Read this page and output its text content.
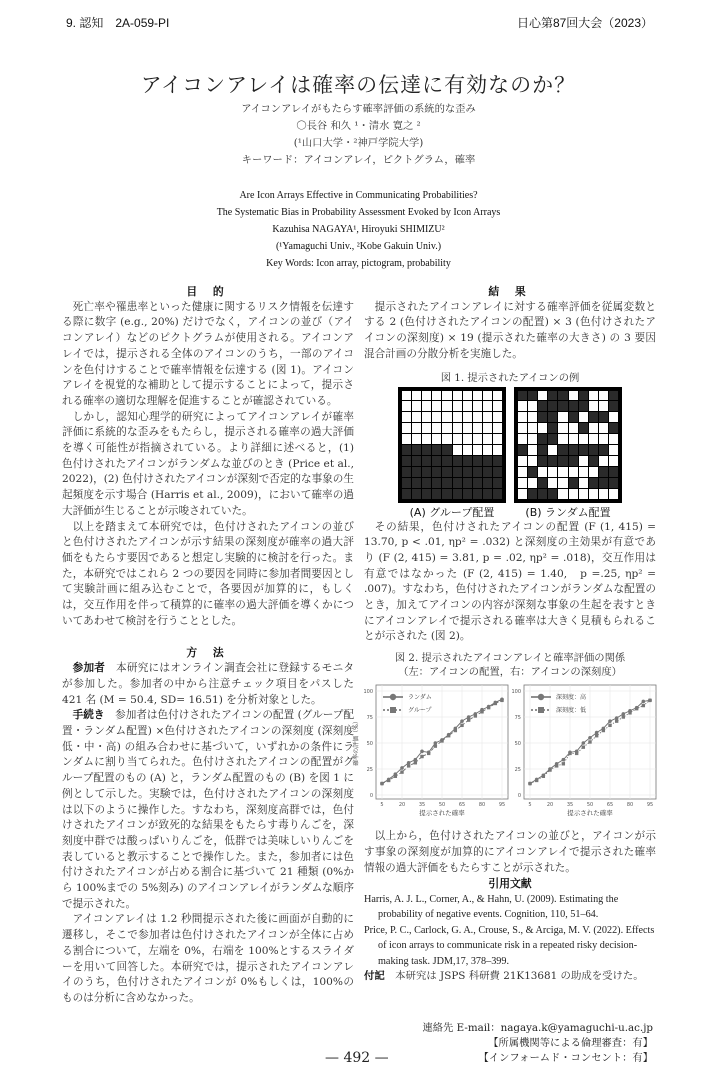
9. 認知　2A-059-PI	日心第87回大会（2023）
アイコンアレイは確率の伝達に有効なのか？
アイコンアレイがもたらす確率評価の系統的な歪み
〇長谷 和久 ¹・清水 寛之 ²
(¹山口大学・²神戸学院大学)
キーワード：アイコンアレイ，ピクトグラム，確率
Are Icon Arrays Effective in Communicating Probabilities?
The Systematic Bias in Probability Assessment Evoked by Icon Arrays
Kazuhisa NAGAYA¹, Hiroyuki SHIMIZU²
(¹Yamaguchi Univ., ²Kobe Gakuin Univ.)
Key Words: Icon array, pictogram, probability
目 的

死亡率や罹患率といった健康に関するリスク情報を伝達する際に数字 (e.g., 20%) だけでなく，アイコンの並び（アイコンアレイ）などのピクトグラムが使用される。アイコンアレイでは，提示される全体のアイコンのうち，一部のアイコンを色付けすることで確率情報を伝達する (図 1)。アイコンアレイを視覚的な補助として提示することによって，提示される確率の適切な理解を促進することが確認されている。

しかし，認知心理学的研究によってアイコンアレイが確率評価に系統的な歪みをもたらし，提示される確率の過大評価を導く可能性が指摘されている。より詳細に述べると，(1) 色付けされたアイコンがランダムな並びのとき (Price et al., 2022)，(2) 色付けされたアイコンが深刻で否定的な事象の生起頻度を示す場合 (Harris et al., 2009)，において確率の過大評価が生じることが示唆されていた。

以上を踏まえて本研究では，色付けされたアイコンの並びと色付けされたアイコンが示す結果の深刻度が確率の過大評価をもたらす要因であると想定し実験的に検討を行った。また，本研究ではこれら 2 つの要因を同時に参加者間要因として実験計画に組み込むことで，各要因が加算的に，もしくは，交互作用を伴って積算的に確率の過大評価を導くかについてあわせて検討を行うこととした。

方 法

参加者　 本研究にはオンライン調査会社に登録するモニタが参加した。参加者の中から注意チェック項目をパスした 421 名 (M = 50.4, SD= 16.51) を分析対象とした。

手続き　 参加者は色付けされたアイコンの配置 (グループ配置・ランダム配置) ×色付けされたアイコンの深刻度 (深刻度低・中・高) の組み合わせに基づいて，いずれかの条件にランダムに割り当てられた。色付けされたアイコンの配置がグループ配置のもの (A) と，ランダム配置のもの (B) を図 1 に例として示した。実験では，色付けされたアイコンの深刻度は以下のように操作した。すなわち，深刻度高群では，色付けされたアイコンが致死的な結果をもたらす毒りんごを，深刻度中群では酸っぱいりんごを，低群では美味しいりんごを表していると教示することで操作した。また，参加者には色付けされたアイコンが占める割合に基づいて 21 種類 (0%から 100%までの 5%刻み) のアイコンアレイがランダムな順序で提示された。

アイコンアレイは 1.2 秒間提示された後に画面が自動的に遷移し，そこで参加者は色付けされたアイコンが全体に占める割合について，左端を 0%，右端を 100%とするスライダーを用いて回答した。本研究では，提示されたアイコンアレイのうち，色付けされたアイコンが 0%もしくは，100%のものは分析に含めなかった。

結 果

提示されたアイコンアレイに対する確率評価を従属変数とする 2 (色付けされたアイコンの配置) × 3 (色付けされたアイコンの深刻度) × 19 (提示された確率の大きさ) の 3 要因混合計画の分散分析を実施した。

図 1. 提示されたアイコンの例
(A) グループ配置	(B) ランダム配置

その結果，色付けされたアイコンの配置 (F (1, 415) = 13.70, p < .01, ηp² = .032) と深刻度の主効果が有意であり (F (2, 415) = 3.81, p = .02, ηp² = .018)，交互作用は有意ではなかった (F (2, 415) = 1.40,　p =.25, ηp² = .007)。すなわち，色付けされたアイコンがランダムな配置のとき，加えてアイコンの内容が深刻な事象の生起を表すときにアイコンアレイで提示される確率は大きく見積もられることが示された (図 2)。

図 2. 提示されたアイコンアレイと確率評価の関係
（左：アイコンの配置，右：アイコンの深刻度）
0
25
50
75
100
5	20	35	50	65	80	95
提示された確率
確率の評価（%）
ランダム
グループ
0
25
50
75
100
5	20	35	50	65	80	95
提示された確率
深刻度：高
深刻度：低

以上から，色付けされたアイコンの並びと，アイコンが示す事象の深刻度が加算的にアイコンアレイで提示された確率情報の過大評価をもたらすことが示された。

引用文献
Harris, A. J. L., Corner, A., & Hahn, U. (2009). Estimating the probability of negative events. Cognition, 110, 51–64.
Price, P. C., Carlock, G. A., Crouse, S., & Arciga, M. V. (2022). Effects of icon arrays to communicate risk in a repeated risky decision-making task. JDM,17, 378–399.
付記　 本研究は JSPS 科研費 21K13681 の助成を受けた。
— 492 —
連絡先 E-mail：nagaya.k@yamaguchi-u.ac.jp
【所属機関等による倫理審査：有】
【インフォームド・コンセント：有】
